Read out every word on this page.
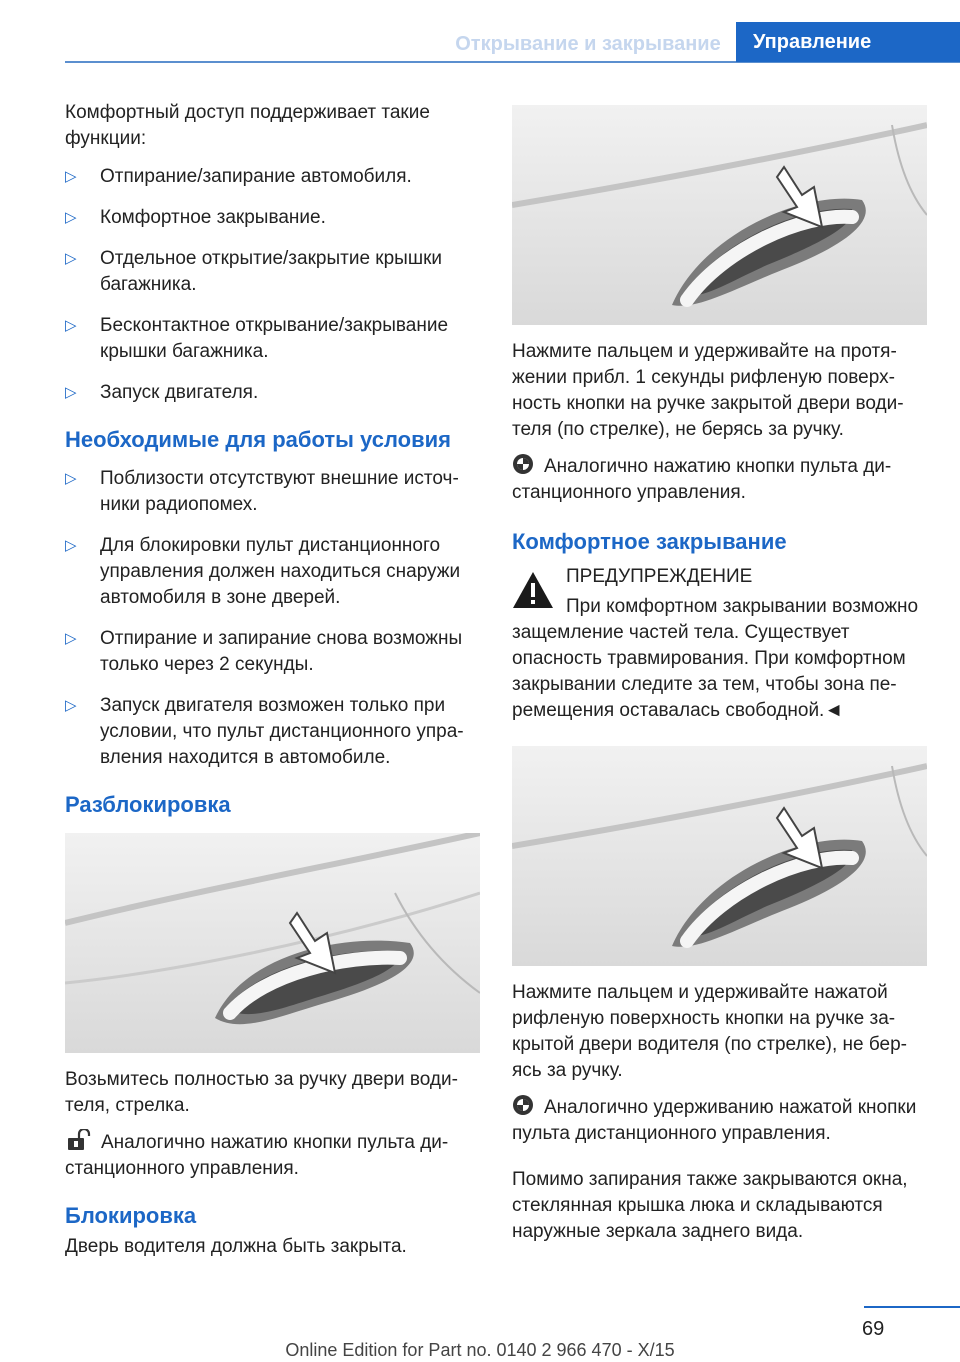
Открывание и закрывание	Управление

Комфортный доступ поддерживает такие функции:

▷ Отпирание/запирание автомобиля.
▷ Комфортное закрывание.
▷ Отдельное открытие/закрытие крышки багажника.
▷ Бесконтактное открывание/закрывание крышки багажника.
▷ Запуск двигателя.
Необходимые для работы условия
▷ Поблизости отсутствуют внешние источники радиопомех.
▷ Для блокировки пульт дистанционного управления должен находиться снаружи автомобиля в зоне дверей.
▷ Отпирание и запирание снова возможны только через 2 секунды.
▷ Запуск двигателя возможен только при условии, что пульт дистанционного управления находится в автомобиле.
Разблокировка

Возьмитесь полностью за ручку двери водителя, стрелка.

Аналогично нажатию кнопки пульта дистанционного управления.

Блокировка

Дверь водителя должна быть закрыта.

Нажмите пальцем и удерживайте на протяжении прибл. 1 секунды рифленую поверхность кнопки на ручке закрытой двери водителя (по стрелке), не берясь за ручку.

Аналогично нажатию кнопки пульта дистанционного управления.

Комфортное закрывание

ПРЕДУПРЕЖДЕНИЕ

При комфортном закрывании возможно защемление частей тела. Существует опасность травмирования. При комфортном закрывании следите за тем, чтобы зона перемещения оставалась свободной.◄

Нажмите пальцем и удерживайте нажатой рифленую поверхность кнопки на ручке закрытой двери водителя (по стрелке), не берясь за ручку.

Аналогично удерживанию нажатой кнопки пульта дистанционного управления.

Помимо запирания также закрываются окна, стеклянная крышка люка и складываются наружные зеркала заднего вида.

69
Online Edition for Part no. 0140 2 966 470 - X/15
